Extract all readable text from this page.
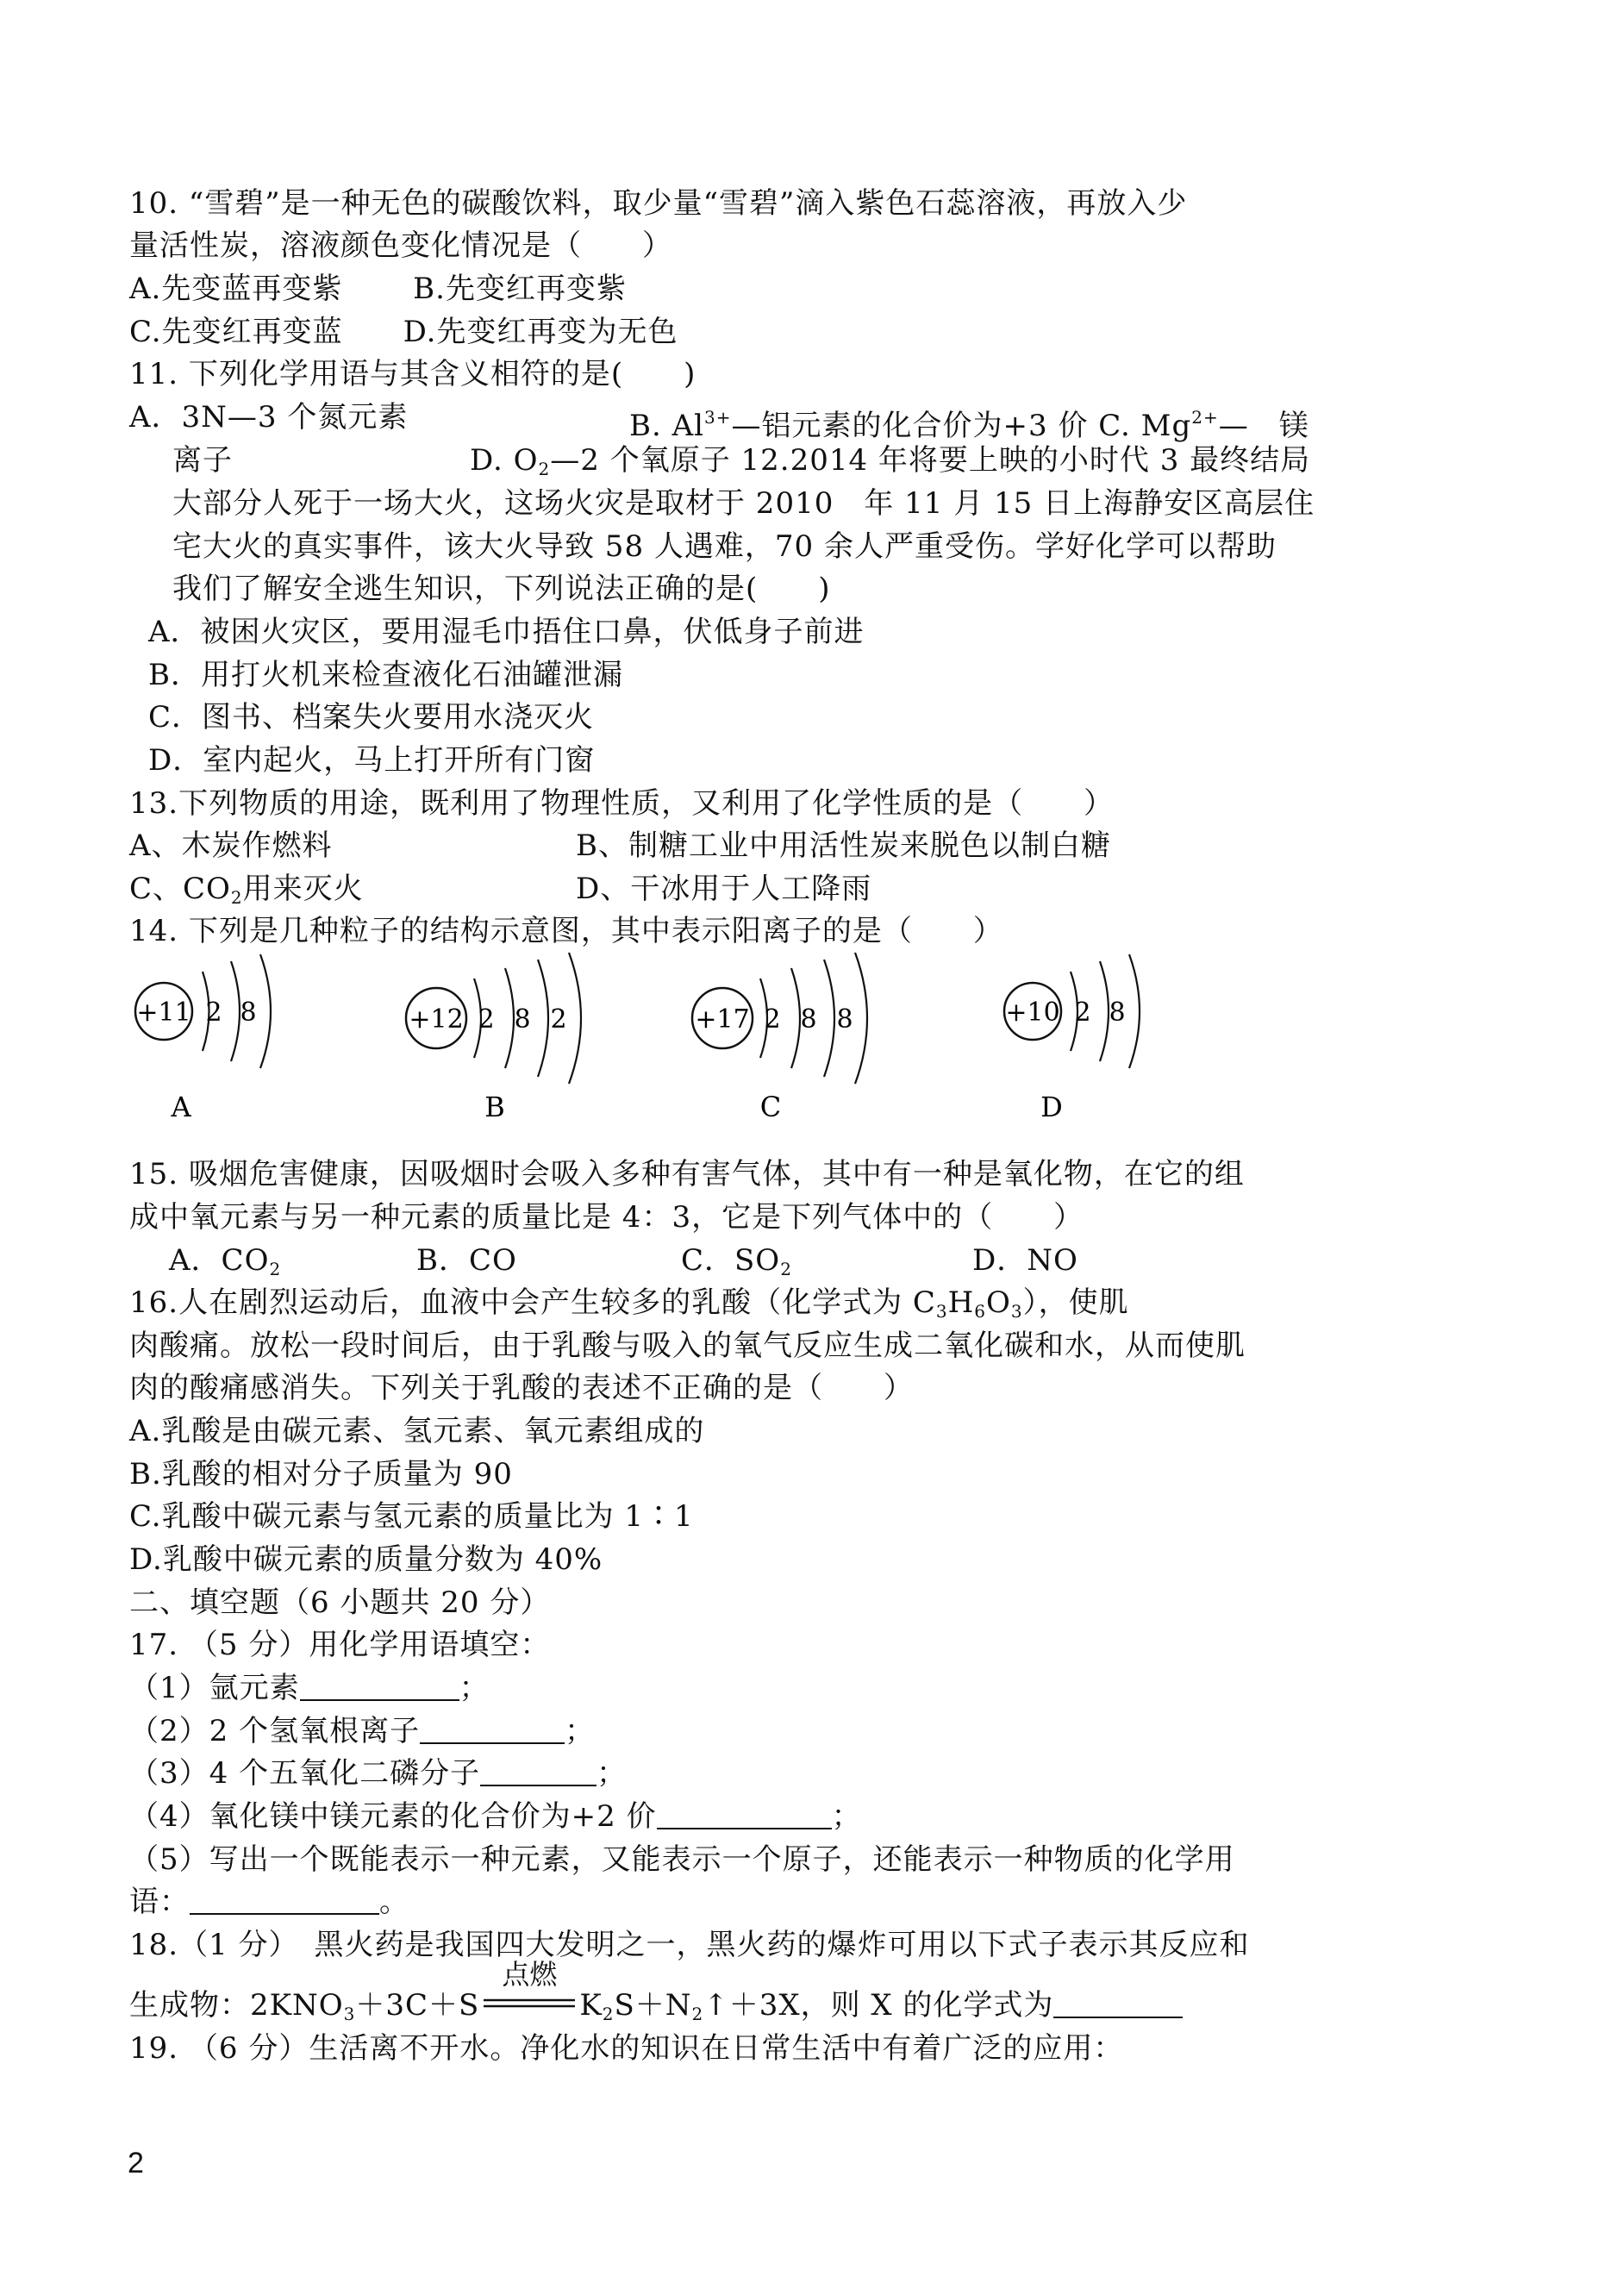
10. “雪碧”是一种无色的碳酸饮料，取少量“雪碧”滴入紫色石蕊溶液，再放入少
量活性炭，溶液颜色变化情况是（　　）
A.先变蓝再变紫　　 B.先变红再变紫
C.先变红再变蓝　　D.先变红再变为无色
11. 下列化学用语与其含义相符的是(　　)
A．3N—3 个氮元素	B. $Al^{3+}—$铝元素的化合价为+3 价 C. $Mg^{2+}—$　镁
离子	D. $O_2—2$ 个氧原子 12.2014 年将要上映的小时代 3 最终结局
大部分人死于一场大火，这场火灾是取材于 2010　年 11 月 15 日上海静安区高层住
宅大火的真实事件，该大火导致 58 人遇难，70 余人严重受伤。学好化学可以帮助
我们了解安全逃生知识，下列说法正确的是(　　)
A．被困火灾区，要用湿毛巾捂住口鼻，伏低身子前进
B．用打火机来检查液化石油罐泄漏
C．图书、档案失火要用水浇灭火
D．室内起火，马上打开所有门窗
13.下列物质的用途，既利用了物理性质，又利用了化学性质的是（　　）
A、木炭作燃料	B、制糖工业中用活性炭来脱色以制白糖
C、$CO_2$用来灭火	D、干冰用于人工降雨
14. 下列是几种粒子的结构示意图，其中表示阳离子的是（　　）
+11 2 8
A
+12 2 8 2
B
+17 2 8 8
C
+10 2 8
D
15. 吸烟危害健康，因吸烟时会吸入多种有害气体，其中有一种是氧化物，在它的组
成中氧元素与另一种元素的质量比是 4：3，它是下列气体中的（　　）
A．$CO_2$	B．CO	C．$SO_2$	D．NO
16.人在剧烈运动后，血液中会产生较多的乳酸（化学式为 $C_3H_6O_3$），使肌
肉酸痛。放松一段时间后，由于乳酸与吸入的氧气反应生成二氧化碳和水，从而使肌
肉的酸痛感消失。下列关于乳酸的表述不正确的是（　　）
A.乳酸是由碳元素、氢元素、氧元素组成的
B.乳酸的相对分子质量为 90
C.乳酸中碳元素与氢元素的质量比为 1∶1
D.乳酸中碳元素的质量分数为 40%
二、填空题（6 小题共 20 分）
17. （5 分）用化学用语填空：
（1）氩元素	；
（2）2 个氢氧根离子	；
（3）4 个五氧化二磷分子	；
（4）氧化镁中镁元素的化合价为+2 价	；
（5）写出一个既能表示一种元素，又能表示一个原子，还能表示一种物质的化学用
语：	。
18.（1 分）　黑火药是我国四大发明之一，黑火药的爆炸可用以下式子表示其反应和
生成物：$2KNO_3+3C+S$
点燃
$K_2S+N_2↑+3X$，则 X 的化学式为
19. （6 分）生活离不开水。净化水的知识在日常生活中有着广泛的应用：
2
